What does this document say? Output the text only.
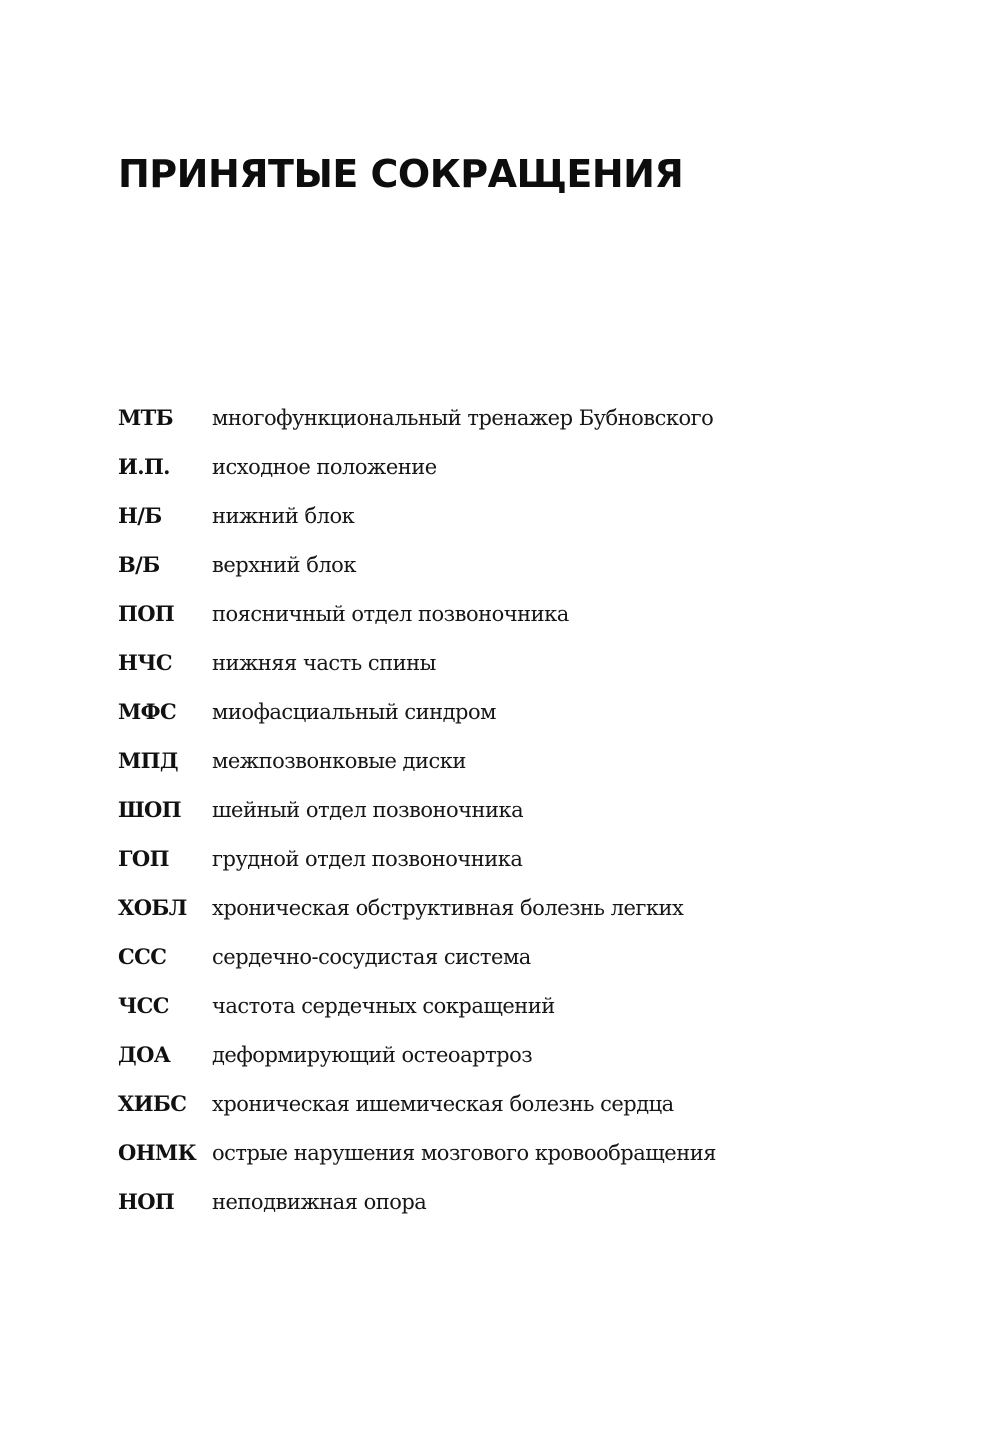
ПРИНЯТЫЕ СОКРАЩЕНИЯ
МТБ	многофункциональный тренажер Бубновского
И.П.	исходное положение
Н/Б	нижний блок
В/Б	верхний блок
ПОП	поясничный отдел позвоночника
НЧС	нижняя часть спины
МФС	миофасциальный синдром
МПД	межпозвонковые диски
ШОП	шейный отдел позвоночника
ГОП	грудной отдел позвоночника
ХОБЛ	хроническая обструктивная болезнь легких
ССС	сердечно-сосудистая система
ЧСС	частота сердечных сокращений
ДОА	деформирующий остеоартроз
ХИБС	хроническая ишемическая болезнь сердца
ОНМК острые нарушения мозгового кровообращения
НОП	неподвижная опора
